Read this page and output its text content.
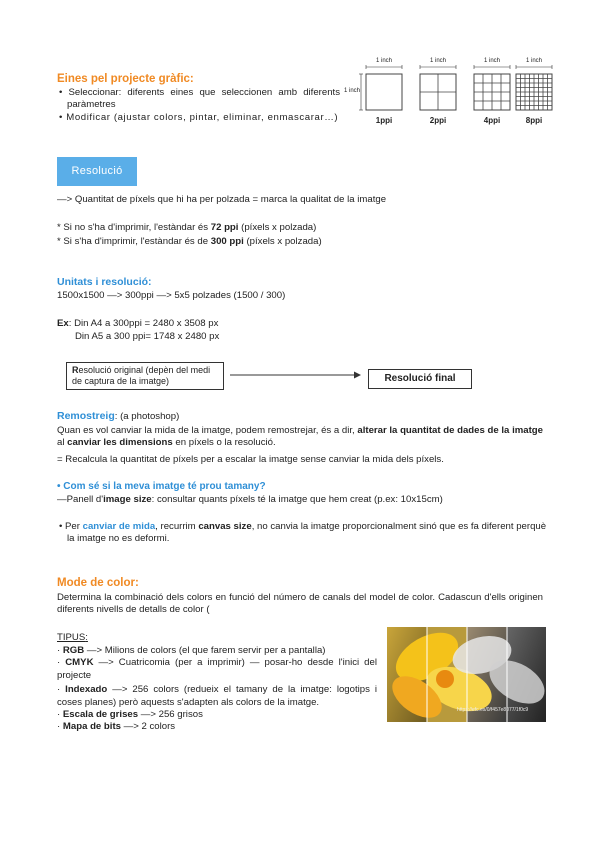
Eines pel projecte gràfic:
• Seleccionar: diferents eines que seleccionen amb diferents paràmetres
• Modificar (ajustar colors, pintar, eliminar, enmascarar…)
1 inch	1 inch	1 inch	1 inch
1 inch
1ppi	2ppi	4ppi	8ppi
Resolució
—> Quantitat de píxels que hi ha per polzada = marca la qualitat de la imatge
* Si no s'ha d'imprimir, l'estàndar és 72 ppi (píxels x polzada)
* Si s'ha d'imprimir, l'estàndar és de 300 ppi (píxels x polzada)
Unitats i resolució:
1500x1500 —> 300ppi —> 5x5 polzades (1500 / 300)
Ex: Din A4 a 300ppi = 2480 x 3508 px
Din A5 a 300 ppi= 1748 x 2480 px
Resolució original (depèn del medi de captura de la imatge)	Resolució final
Remostreig: (a photoshop)
Quan es vol canviar la mida de la imatge, podem remostrejar, és a dir, alterar la quantitat de dades de la imatge al canviar les dimensions en píxels o la resolució.
= Recalcula la quantitat de píxels per a escalar la imatge sense canviar la mida dels píxels.
• Com sé si la meva imatge té prou tamany?
—Panell d'image size: consultar quants píxels té la imatge que hem creat (p.ex: 10x15cm)
• Per canviar de mida, recurrim canvas size, no canvia la imatge proporcionalment sinó que es fa diferent perquè la imatge no es deformi.
Mode de color:
Determina la combinació dels colors en funció del número de canals del model de color. Cadascun d'ells originen diferents nivells de detalls de color (
TIPUS:
· RGB —> Milions de colors (el que farem servir per a pantalla)
· CMYK —> Cuatricomia (per a imprimir) — posar-ho desde l'inici del projecte
· Indexado —> 256 colors (redueix el tamany de la imatge: logotips i coses planes) però aquests s'adapten als colors de la imatge.
· Escala de grises —> 256 grisos
· Mapa de bits —> 2 colors
https://efc.es/0/f457e8077/1f0c9
